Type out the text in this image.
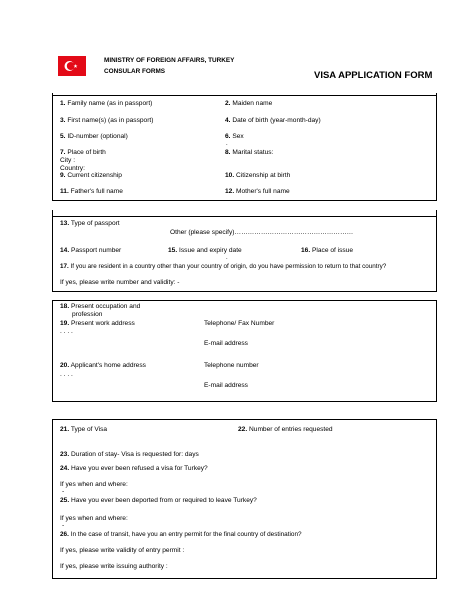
MINISTRY OF FOREIGN AFFAIRS, TURKEY
CONSULAR FORMS	VISA APPLICATION FORM
1. Family name (as in passport)	2. Maiden name
3. First name(s) (as in passport)	4. Date of birth (year-month-day)
5. ID-number (optional)	6. Sex
.
7. Place of birth
City :
Country:
8. Marital status:
9. Current citizenship	10. Citizenship at birth
11. Father's full name	12. Mother's full name
13. Type of passport
Other (please specify)………………………………………………
14. Passport number	15. Issue and expiry date	16. Place of issue
.
17. If you are resident in a country other than your country of origin, do you have permission to return to that country?
If yes, please write number and validity: -
18. Present occupation and
profession
19. Present work address
. . . .
Telephone/ Fax Number
E-mail address
20. Applicant's home address
. . . .
Telephone number
E-mail address
21. Type of Visa	22. Number of entries requested
23. Duration of stay- Visa is requested for: days
24. Have you ever been refused a visa for Turkey?
If yes when and where:
-
25. Have you ever been deported from or required to leave Turkey?
If yes when and where:
-
26. In the case of transit, have you an entry permit for the final country of destination?
If yes, please write validity of entry permit :
If yes, please write issuing authority :
